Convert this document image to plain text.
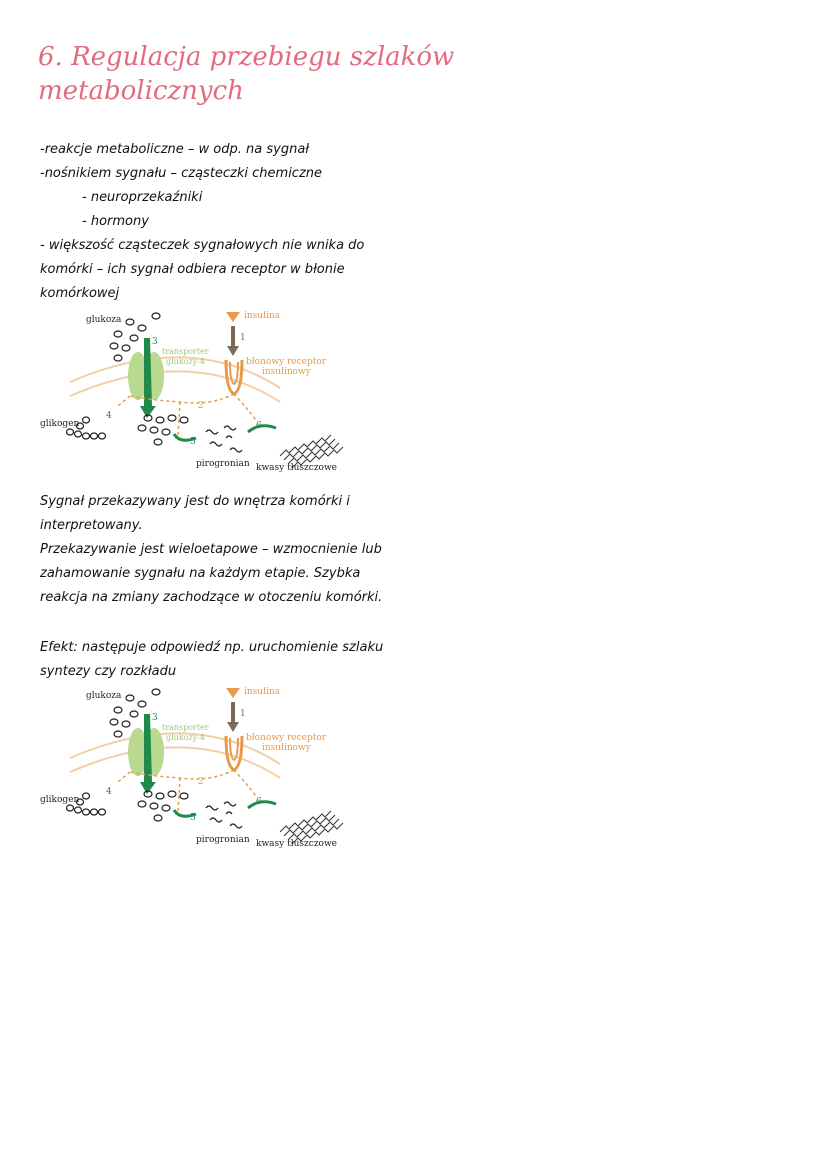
6. Regulacja przebiegu szlaków
metabolicznych

-reakcje metaboliczne – w odp. na sygnał

-nośnikiem sygnału – cząsteczki chemiczne

- neuroprzekaźniki

- hormony

- większość cząsteczek sygnałowych nie wnika do

komórki – ich sygnał odbiera receptor w błonie

komórkowej

glukoza	insulina
transporter
glukozy-4	błonowy receptor
insulinowy
glikogen
pirogronian kwasy tłuszczowe
1
2
3
4
5
6

Sygnał przekazywany jest do wnętrza komórki i

interpretowany.

Przekazywanie jest wieloetapowe – wzmocnienie lub

zahamowanie sygnału na każdym etapie. Szybka

reakcja na zmiany zachodzące w otoczeniu komórki.

Efekt: następuje odpowiedź np. uruchomienie szlaku

syntezy czy rozkładu

glukoza	insulina
transporter
glukozy-4	błonowy receptor
insulinowy
glikogen
pirogronian kwasy tłuszczowe
1
2
3
4
5
6
